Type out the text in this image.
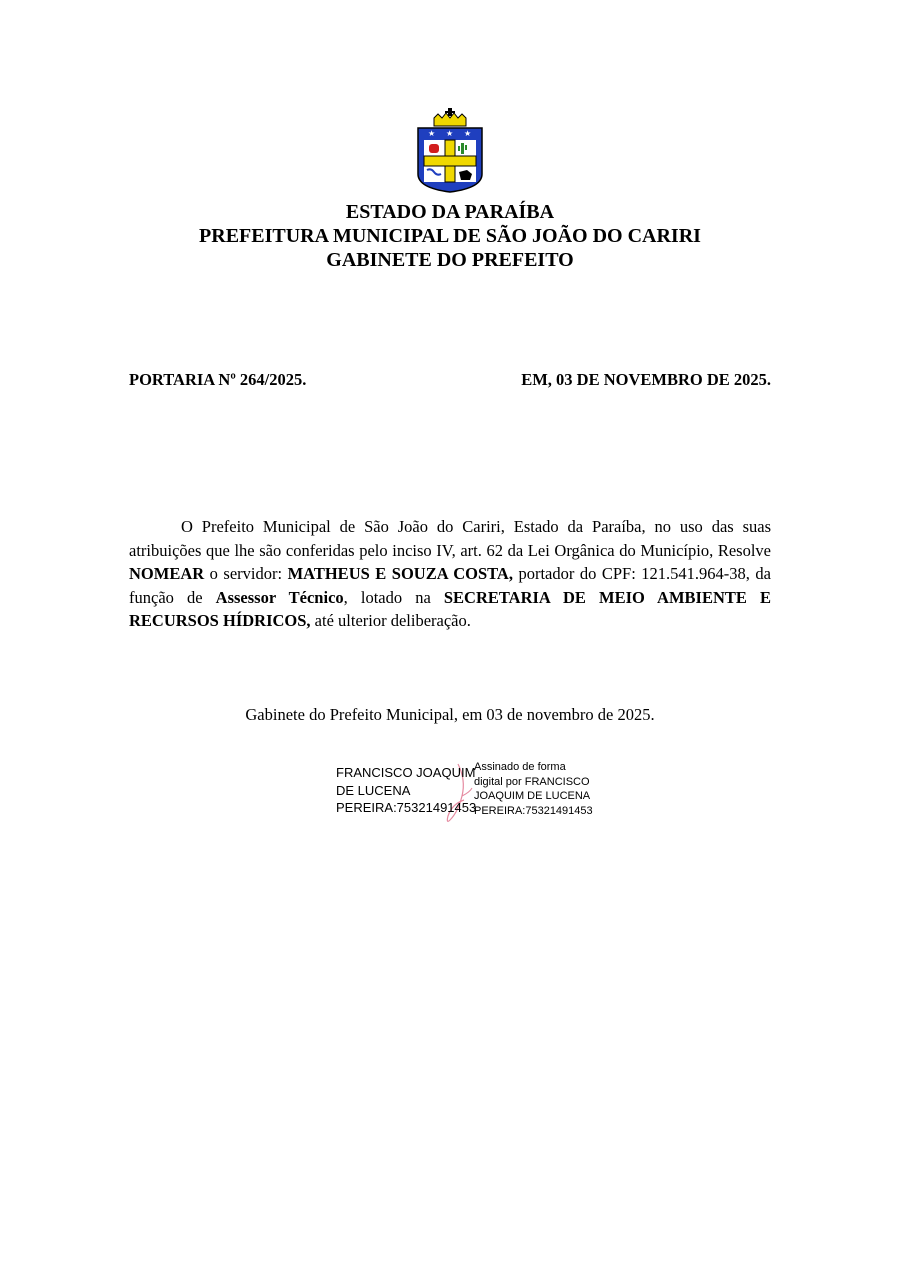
★ ★ ★
ESTADO DA PARAÍBA
PREFEITURA MUNICIPAL DE SÃO JOÃO DO CARIRI
GABINETE DO PREFEITO
PORTARIA Nº 264/2025.	EM, 03 DE NOVEMBRO DE 2025.
O Prefeito Municipal de São João do Cariri, Estado da Paraíba, no uso das suas atribuições que lhe são conferidas pelo inciso IV, art. 62 da Lei Orgânica do Município, Resolve NOMEAR o servidor: MATHEUS E SOUZA COSTA, portador do CPF: 121.541.964-38, da função de Assessor Técnico, lotado na SECRETARIA DE MEIO AMBIENTE E RECURSOS HÍDRICOS, até ulterior deliberação.
Gabinete do Prefeito Municipal, em 03 de novembro de 2025.
FRANCISCO JOAQUIM
DE LUCENA
PEREIRA:75321491453
Assinado de forma
digital por FRANCISCO
JOAQUIM DE LUCENA
PEREIRA:75321491453
